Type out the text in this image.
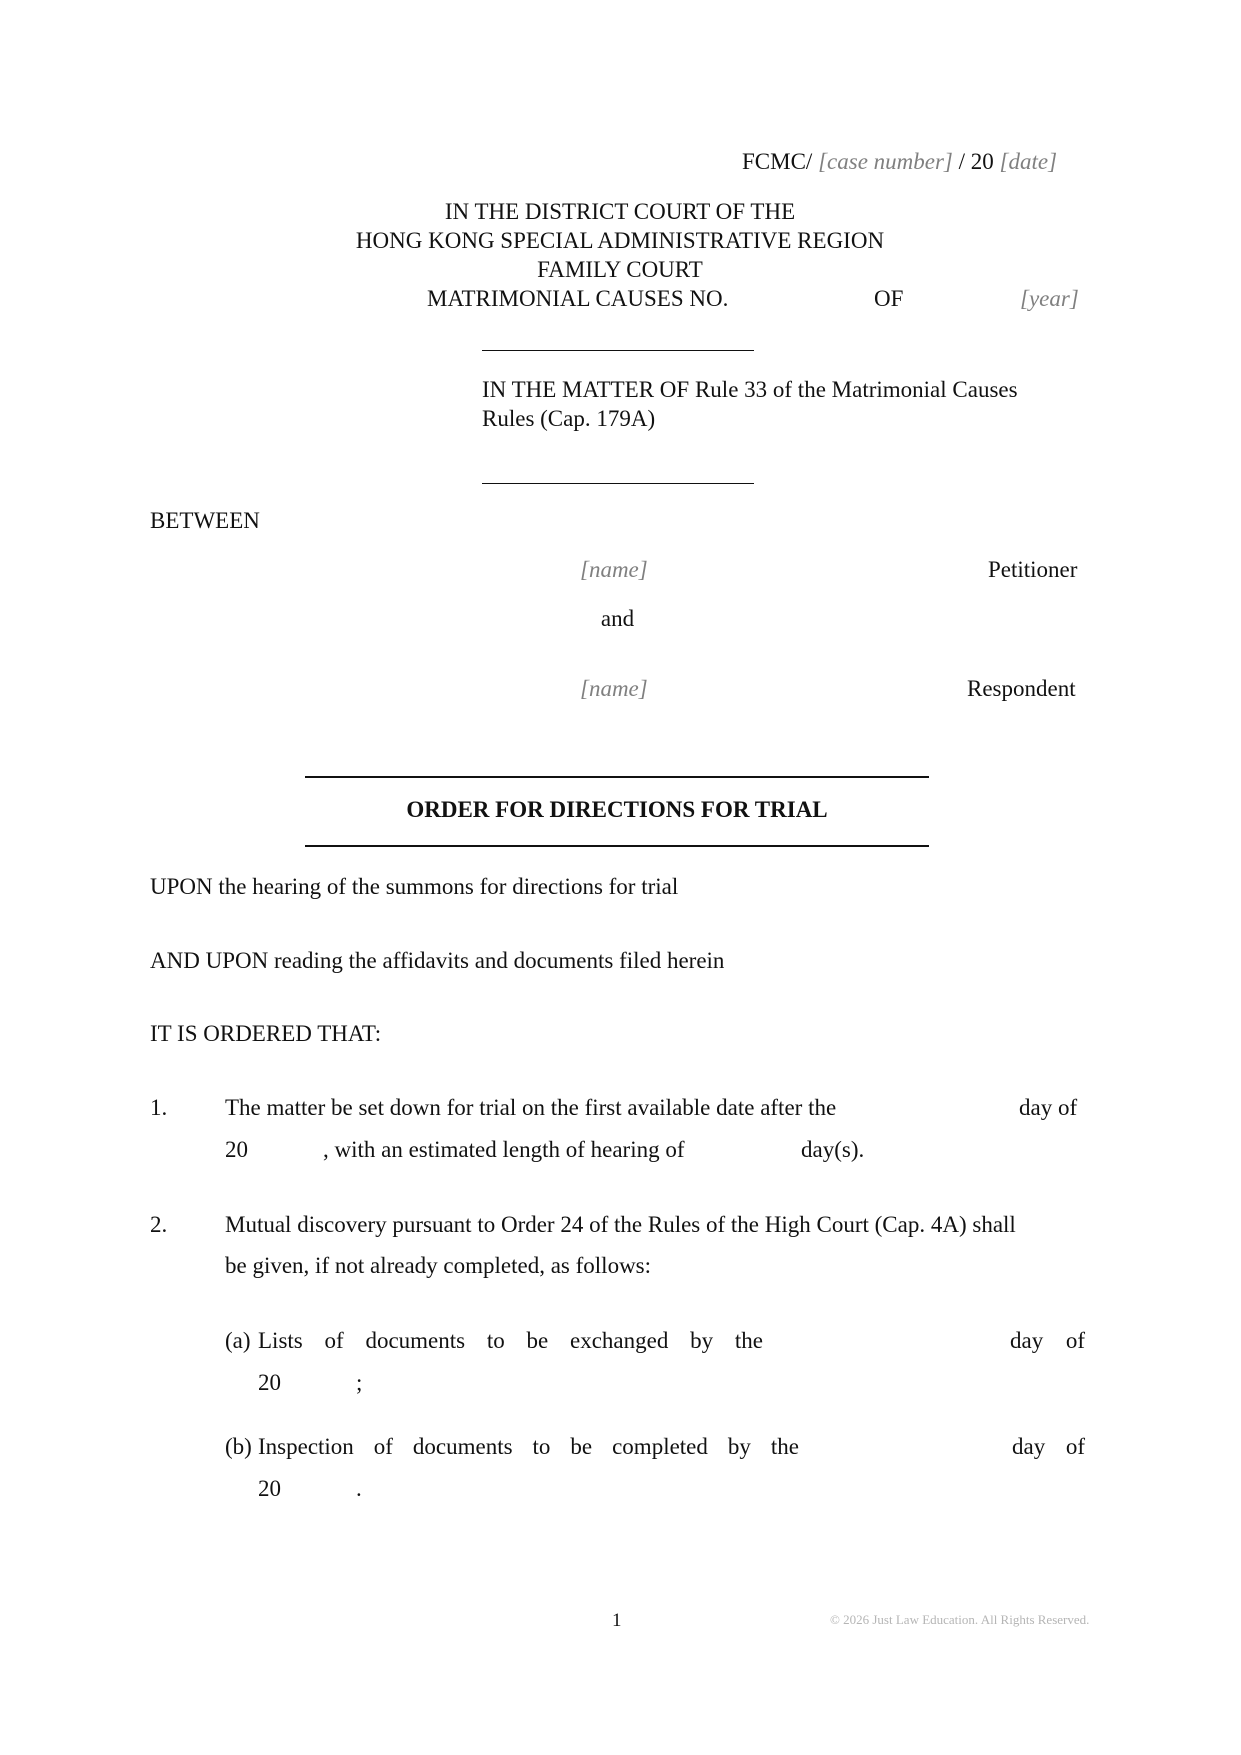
FCMC/ [case number] / 20 [date]
IN THE DISTRICT COURT OF THE
HONG KONG SPECIAL ADMINISTRATIVE REGION
FAMILY COURT
MATRIMONIAL CAUSES NO.	OF	[year]
IN THE MATTER OF Rule 33 of the Matrimonial Causes
Rules (Cap. 179A)
BETWEEN
[name]	Petitioner
and
[name]	Respondent
ORDER FOR DIRECTIONS FOR TRIAL
UPON the hearing of the summons for directions for trial
AND UPON reading the affidavits and documents filed herein
IT IS ORDERED THAT:
1.	The matter be set down for trial on the first available date after the	day of
20	, with an estimated length of hearing of	day(s).
2.	Mutual discovery pursuant to Order 24 of the Rules of the High Court (Cap. 4A) shall
be given, if not already completed, as follows:
(a) Lists of documents to be exchanged by the	day of
20	;
(b) Inspection of documents to be completed by the	day of
20	.
1	© 2026 Just Law Education. All Rights Reserved.
